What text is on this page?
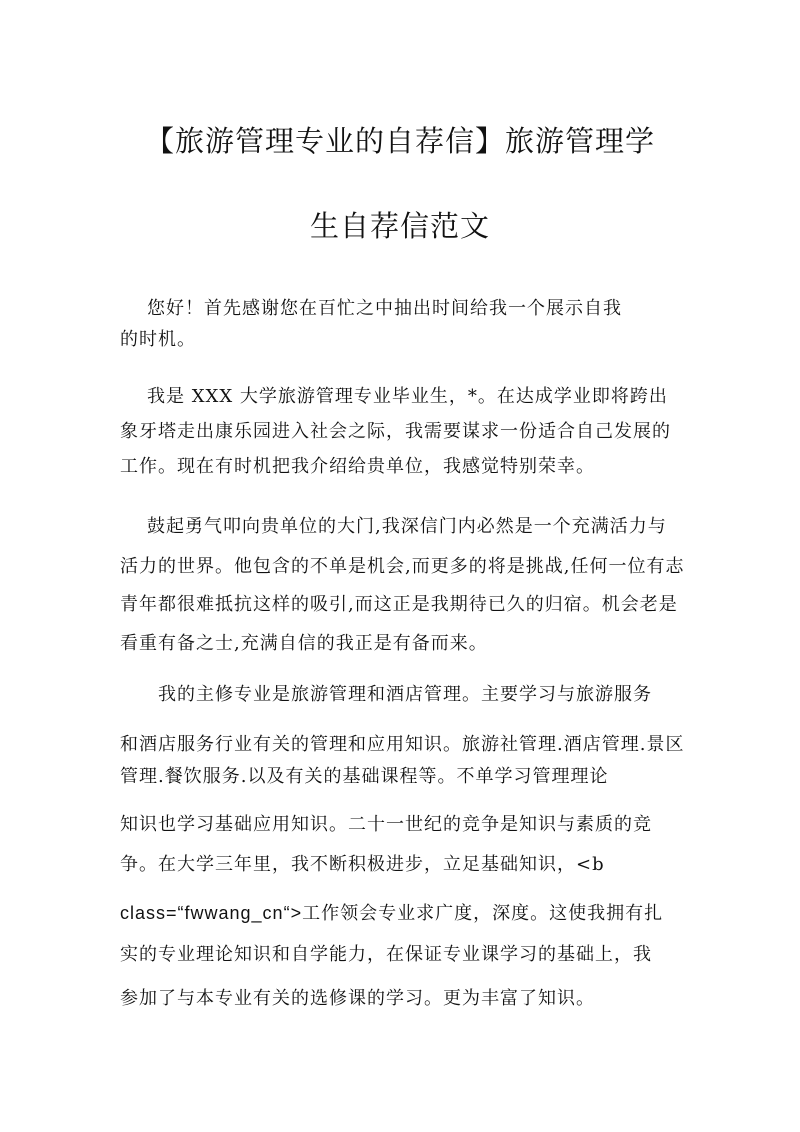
【旅游管理专业的自荐信】旅游管理学
生自荐信范文
您好！首先感谢您在百忙之中抽出时间给我一个展示自我
的时机。
我是 XXX 大学旅游管理专业毕业生，*。在达成学业即将跨出
象牙塔走出康乐园进入社会之际，我需要谋求一份适合自己发展的
工作。现在有时机把我介绍给贵单位，我感觉特别荣幸。
鼓起勇气叩向贵单位的大门,我深信门内必然是一个充满活力与
活力的世界。他包含的不单是机会,而更多的将是挑战,任何一位有志
青年都很难抵抗这样的吸引,而这正是我期待已久的归宿。机会老是
看重有备之士,充满自信的我正是有备而来。
我的主修专业是旅游管理和酒店管理。主要学习与旅游服务
和酒店服务行业有关的管理和应用知识。旅游社管理.酒店管理.景区
管理.餐饮服务.以及有关的基础课程等。不单学习管理理论
知识也学习基础应用知识。二十一世纪的竞争是知识与素质的竞
争。在大学三年里，我不断积极进步，立足基础知识，<b
class=“fwwang_cn“>工作领会专业求广度，深度。这使我拥有扎
实的专业理论知识和自学能力，在保证专业课学习的基础上，我
参加了与本专业有关的选修课的学习。更为丰富了知识。
